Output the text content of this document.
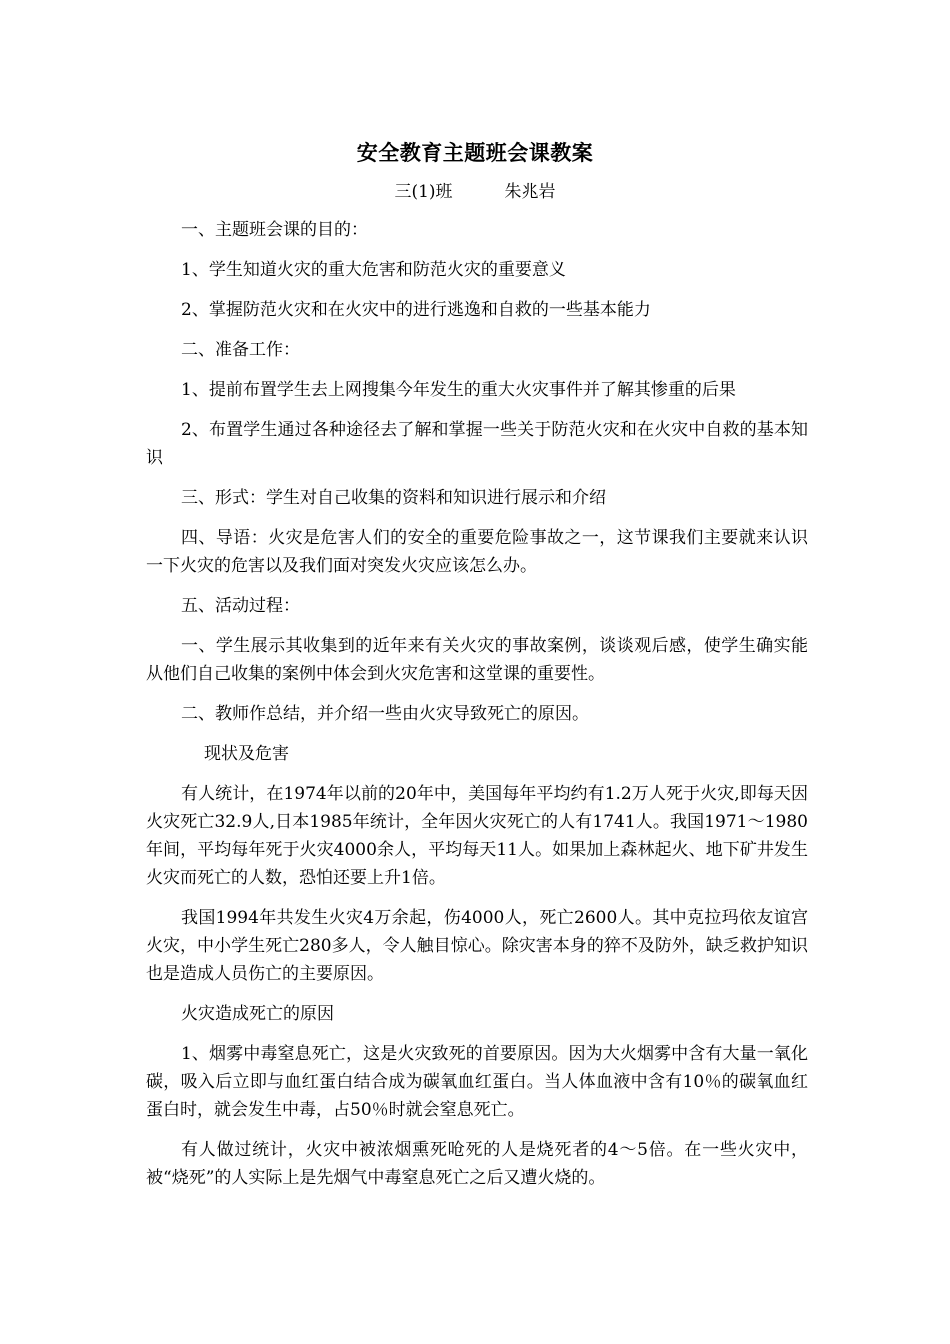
安全教育主题班会课教案
三(1)班	朱兆岩

一、主题班会课的目的：

1、学生知道火灾的重大危害和防范火灾的重要意义

2、掌握防范火灾和在火灾中的进行逃逸和自救的一些基本能力

二、准备工作：

1、提前布置学生去上网搜集今年发生的重大火灾事件并了解其惨重的后果

2、布置学生通过各种途径去了解和掌握一些关于防范火灾和在火灾中自救的基本知识

三、形式：学生对自己收集的资料和知识进行展示和介绍

四、导语：火灾是危害人们的安全的重要危险事故之一，这节课我们主要就来认识一下火灾的危害以及我们面对突发火灾应该怎么办。

五、活动过程：

一、学生展示其收集到的近年来有关火灾的事故案例，谈谈观后感，使学生确实能从他们自己收集的案例中体会到火灾危害和这堂课的重要性。

二、教师作总结，并介绍一些由火灾导致死亡的原因。

现状及危害

有人统计，在1974年以前的20年中，美国每年平均约有1.2万人死于火灾,即每天因火灾死亡32.9人,日本1985年统计，全年因火灾死亡的人有1741人。我国1971～1980年间，平均每年死于火灾4000余人，平均每天11人。如果加上森林起火、地下矿井发生火灾而死亡的人数，恐怕还要上升1倍。

我国1994年共发生火灾4万余起，伤4000人，死亡2600人。其中克拉玛依友谊宫火灾，中小学生死亡280多人，令人触目惊心。除灾害本身的猝不及防外，缺乏救护知识也是造成人员伤亡的主要原因。

火灾造成死亡的原因

1、烟雾中毒窒息死亡，这是火灾致死的首要原因。因为大火烟雾中含有大量一氧化碳，吸入后立即与血红蛋白结合成为碳氧血红蛋白。当人体血液中含有10％的碳氧血红蛋白时，就会发生中毒，占50％时就会窒息死亡。

有人做过统计，火灾中被浓烟熏死呛死的人是烧死者的4～5倍。在一些火灾中，被“烧死”的人实际上是先烟气中毒窒息死亡之后又遭火烧的。
